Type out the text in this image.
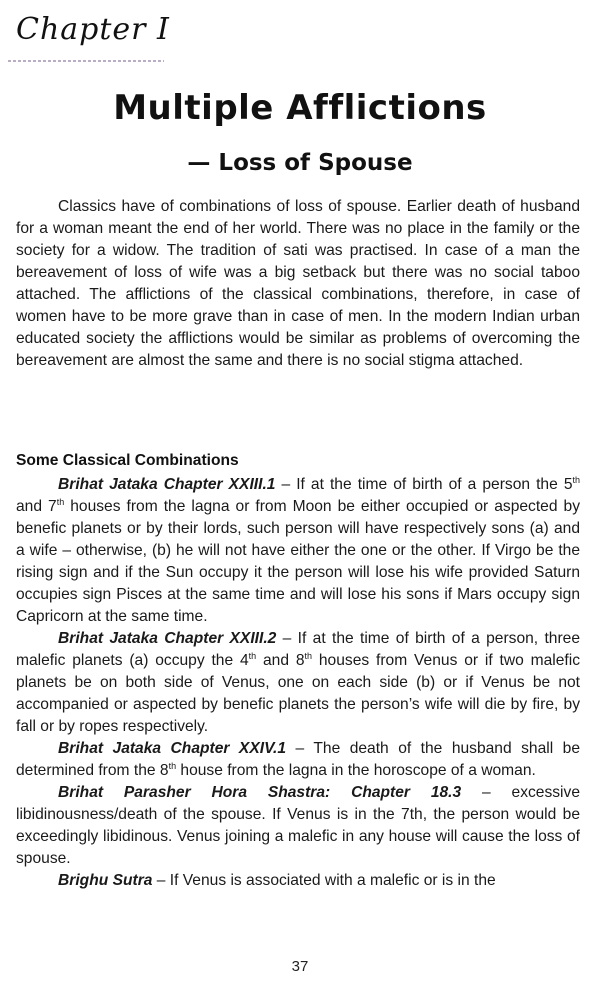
Chapter I
Multiple Afflictions
— Loss of Spouse

Classics have of combinations of loss of spouse. Earlier death of husband for a woman meant the end of her world. There was no place in the family or the society for a widow. The tradition of sati was practised. In case of a man the bereavement of loss of wife was a big setback but there was no social taboo attached. The afflictions of the classical combinations, therefore, in case of women have to be more grave than in case of men. In the modern Indian urban educated society the afflictions would be similar as problems of overcoming the bereavement are almost the same and there is no social stigma attached.

Some Classical Combinations

Brihat Jataka Chapter XXIII.1 – If at the time of birth of a person the 5th and 7th houses from the lagna or from Moon be either occupied or aspected by benefic planets or by their lords, such person will have respectively sons (a) and a wife – otherwise, (b) he will not have either the one or the other. If Virgo be the rising sign and if the Sun occupy it the person will lose his wife provided Saturn occupies sign Pisces at the same time and will lose his sons if Mars occupy sign Capricorn at the same time.

Brihat Jataka Chapter XXIII.2 – If at the time of birth of a person, three malefic planets (a) occupy the 4th and 8th houses from Venus or if two malefic planets be on both side of Venus, one on each side (b) or if Venus be not accompanied or aspected by benefic planets the person’s wife will die by fire, by fall or by ropes respectively.

Brihat Jataka Chapter XXIV.1 – The death of the husband shall be determined from the 8th house from the lagna in the horoscope of a woman.

Brihat Parasher Hora Shastra: Chapter 18.3 – excessive libidinousness/death of the spouse. If Venus is in the 7th, the person would be exceedingly libidinous. Venus joining a malefic in any house will cause the loss of spouse.

Brighu Sutra – If Venus is associated with a malefic or is in the

37
